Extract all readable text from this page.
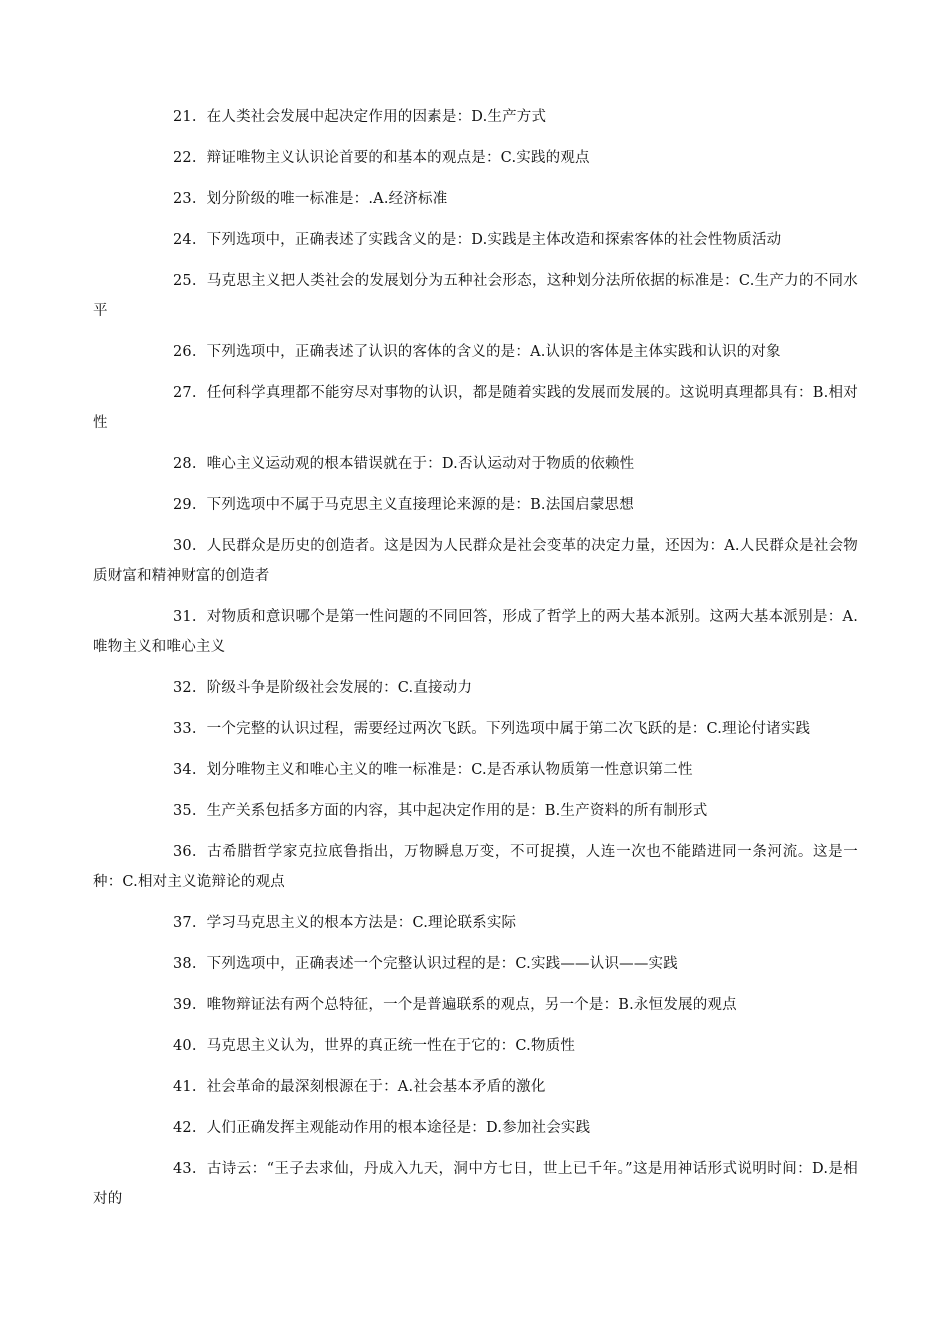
21. 在人类社会发展中起决定作用的因素是：D.生产方式

22. 辩证唯物主义认识论首要的和基本的观点是：C.实践的观点

23. 划分阶级的唯一标准是：.A.经济标准

24. 下列选项中，正确表述了实践含义的是：D.实践是主体改造和探索客体的社会性物质活动

25. 马克思主义把人类社会的发展划分为五种社会形态，这种划分法所依据的标准是：C.生产力的不同水平

26. 下列选项中，正确表述了认识的客体的含义的是：A.认识的客体是主体实践和认识的对象

27. 任何科学真理都不能穷尽对事物的认识，都是随着实践的发展而发展的。这说明真理都具有：B.相对性

28. 唯心主义运动观的根本错误就在于：D.否认运动对于物质的依赖性

29. 下列选项中不属于马克思主义直接理论来源的是：B.法国启蒙思想

30. 人民群众是历史的创造者。这是因为人民群众是社会变革的决定力量，还因为：A.人民群众是社会物质财富和精神财富的创造者

31. 对物质和意识哪个是第一性问题的不同回答，形成了哲学上的两大基本派别。这两大基本派别是：A.唯物主义和唯心主义

32. 阶级斗争是阶级社会发展的：C.直接动力

33. 一个完整的认识过程，需要经过两次飞跃。下列选项中属于第二次飞跃的是：C.理论付诸实践

34. 划分唯物主义和唯心主义的唯一标准是：C.是否承认物质第一性意识第二性

35. 生产关系包括多方面的内容，其中起决定作用的是：B.生产资料的所有制形式

36. 古希腊哲学家克拉底鲁指出，万物瞬息万变，不可捉摸，人连一次也不能踏进同一条河流。这是一种：C.相对主义诡辩论的观点

37. 学习马克思主义的根本方法是：C.理论联系实际

38. 下列选项中，正确表述一个完整认识过程的是：C.实践——认识——实践

39. 唯物辩证法有两个总特征，一个是普遍联系的观点，另一个是：B.永恒发展的观点

40. 马克思主义认为，世界的真正统一性在于它的：C.物质性

41. 社会革命的最深刻根源在于：A.社会基本矛盾的激化

42. 人们正确发挥主观能动作用的根本途径是：D.参加社会实践

43. 古诗云：“王子去求仙，丹成入九天，洞中方七日，世上已千年。”这是用神话形式说明时间：D.是相对的
